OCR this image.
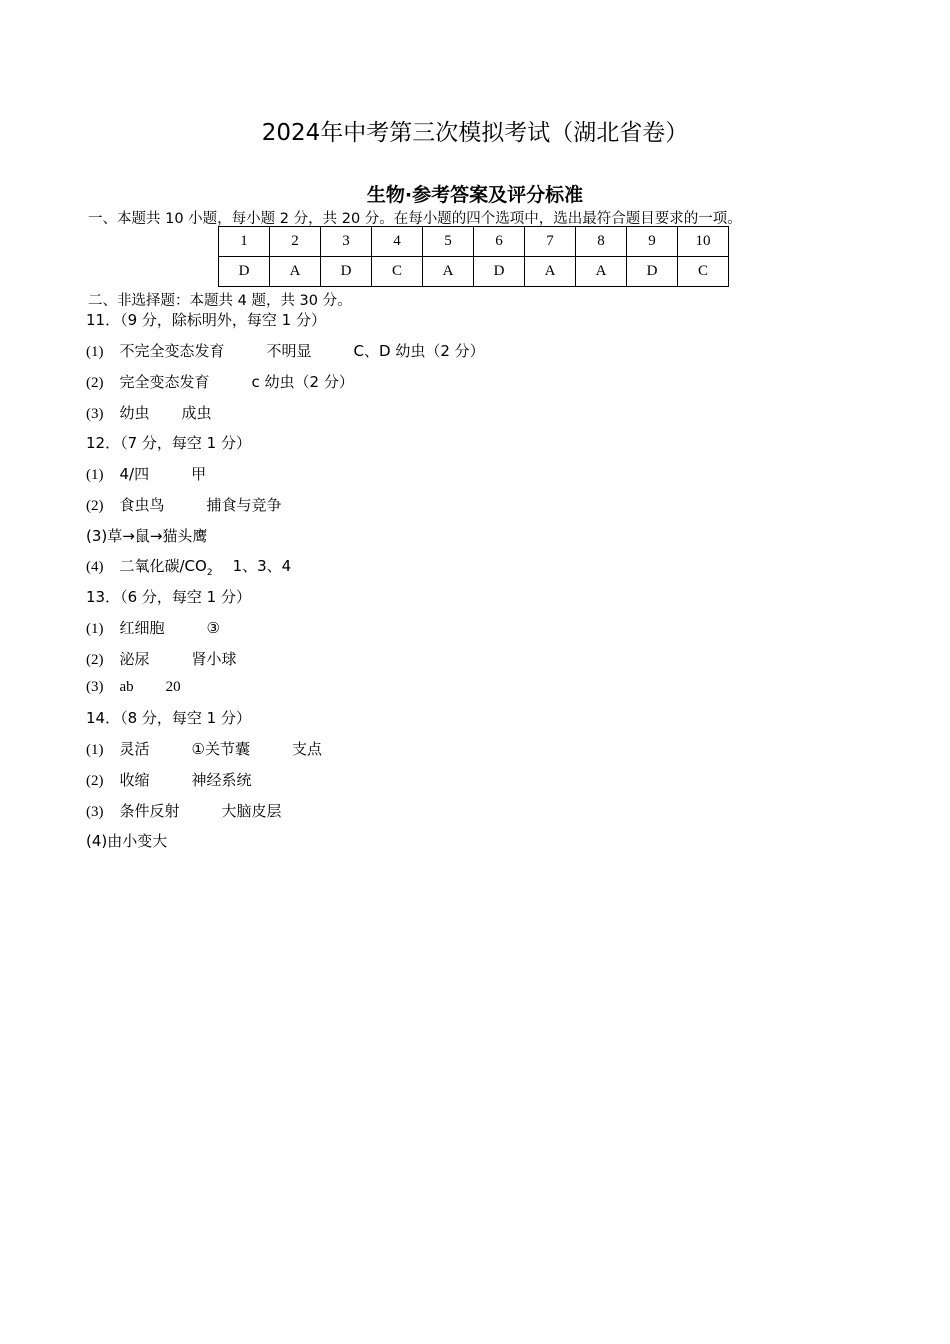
2024年中考第三次模拟考试（湖北省卷）
生物·参考答案及评分标准
一、本题共 10 小题，每小题 2 分，共 20 分。在每小题的四个选项中，选出最符合题目要求的一项。
1	2	3	4	5	6	7	8	9	10
D	A	D	C	A	D	A	A	D	C
二、非选择题：本题共 4 题，共 30 分。
11．（9 分，除标明外，每空 1 分）
(1) 不完全变态发育	不明显	C、D 幼虫（2 分）
(2) 完全变态发育	c 幼虫（2 分）
(3) 幼虫 成虫
12．（7 分，每空 1 分）
(1) 4/四	甲
(2) 食虫鸟	捕食与竞争
(3)草→鼠→猫头鹰
(4) 二氧化碳$/CO_2$ 1、3、4
13．（6 分，每空 1 分）
(1) 红细胞	③
(2) 泌尿	肾小球
(3) ab 20
14．（8 分，每空 1 分）
(1) 灵活	①关节囊	支点
(2) 收缩	神经系统
(3) 条件反射	大脑皮层
(4)由小变大
